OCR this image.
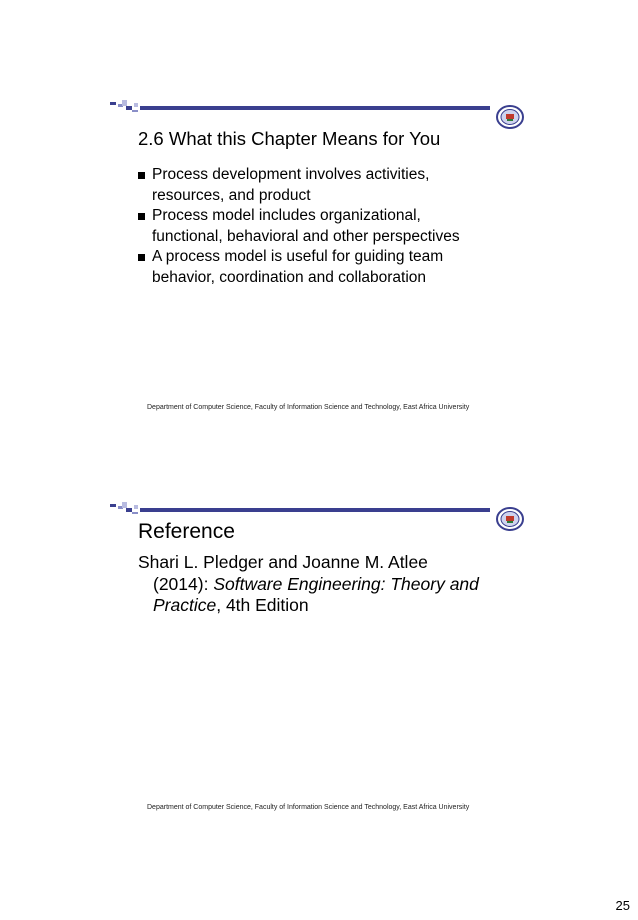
2.6 What this Chapter Means for You
Process development involves activities,
resources, and product
Process model includes organizational,
functional, behavioral and other perspectives
A process model is useful for guiding team
behavior, coordination and collaboration
Department of Computer Science, Faculty of Information Science and Technology, East Africa University
Reference
Shari L. Pledger and Joanne M. Atlee
(2014): Software Engineering: Theory and
Practice, 4th Edition
Department of Computer Science, Faculty of Information Science and Technology, East Africa University
25
